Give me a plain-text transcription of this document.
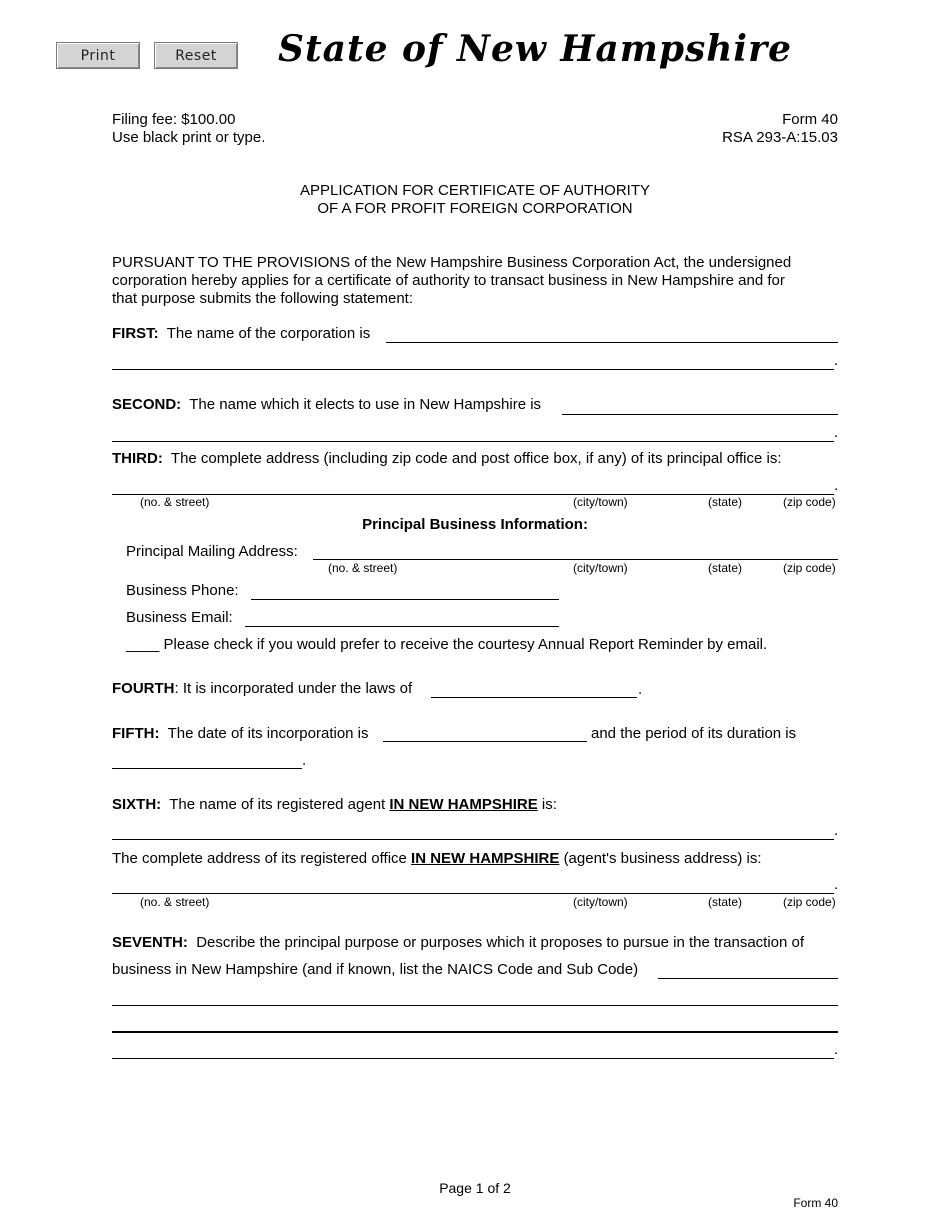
Print	Reset	State of New Hampshire
Filing fee: $100.00
Use black print or type.
Form 40
RSA 293-A:15.03
APPLICATION FOR CERTIFICATE OF AUTHORITY
OF A FOR PROFIT FOREIGN CORPORATION
PURSUANT TO THE PROVISIONS of the New Hampshire Business Corporation Act, the undersigned
corporation hereby applies for a certificate of authority to transact business in New Hampshire and for
that purpose submits the following statement:
FIRST: The name of the corporation is
.
SECOND: The name which it elects to use in New Hampshire is
.
THIRD: The complete address (including zip code and post office box, if any) of its principal office is:
.
(no. & street)	(city/town)	(state)	(zip code)
Principal Business Information:
Principal Mailing Address:
(no. & street)	(city/town)	(state)	(zip code)
Business Phone:
Business Email:
____ Please check if you would prefer to receive the courtesy Annual Report Reminder by email.
FOURTH: It is incorporated under the laws of	.
FIFTH: The date of its incorporation is	and the period of its duration is
.
SIXTH: The name of its registered agent IN NEW HAMPSHIRE is:
.
The complete address of its registered office IN NEW HAMPSHIRE (agent's business address) is:
.
(no. & street)	(city/town)	(state)	(zip code)
SEVENTH: Describe the principal purpose or purposes which it proposes to pursue in the transaction of
business in New Hampshire (and if known, list the NAICS Code and Sub Code)
.
Page 1 of 2
Form 40
